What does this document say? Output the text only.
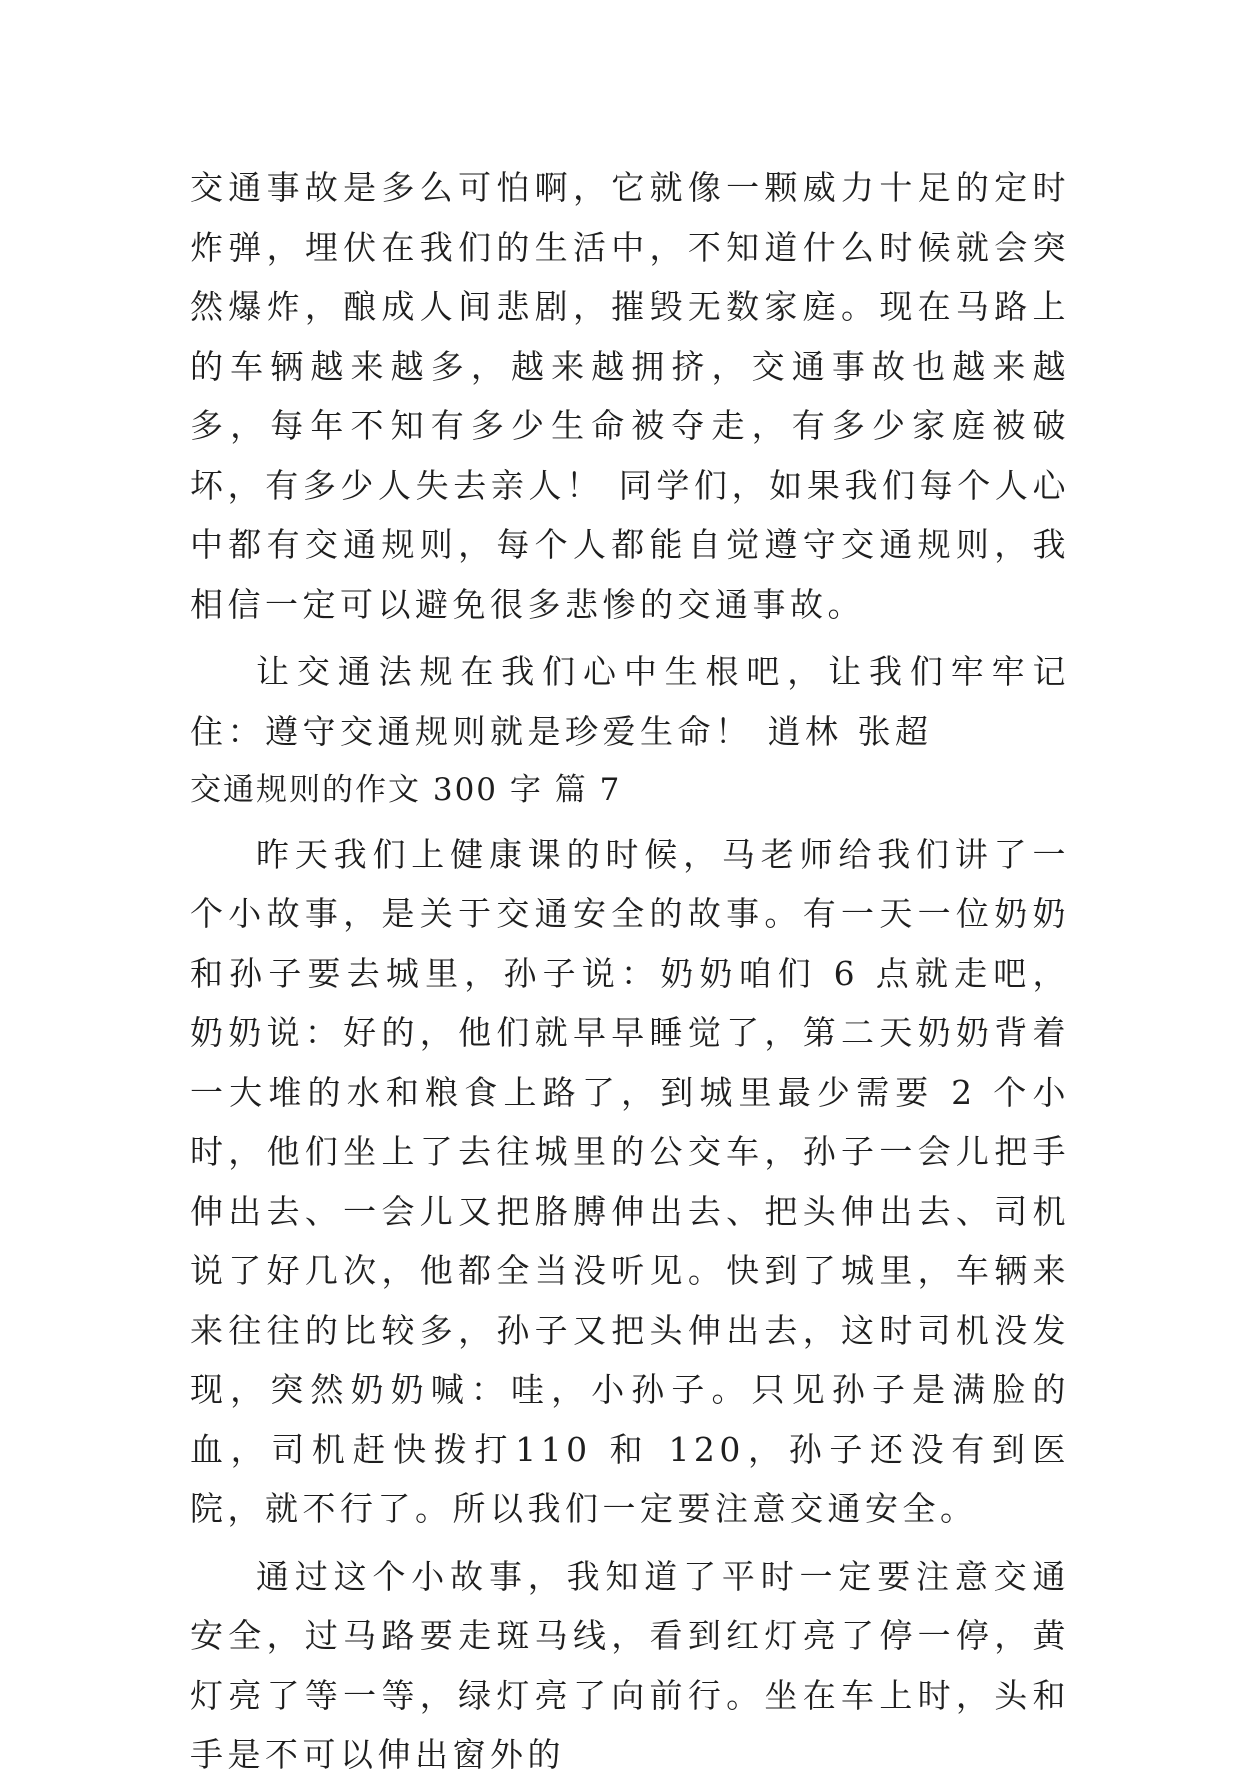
交通事故是多么可怕啊，它就像一颗威力十足的定时炸弹，埋伏在我们的生活中，不知道什么时候就会突然爆炸，酿成人间悲剧，摧毁无数家庭。现在马路上的车辆越来越多，越来越拥挤，交通事故也越来越多，每年不知有多少生命被夺走，有多少家庭被破坏，有多少人失去亲人！ 同学们，如果我们每个人心中都有交通规则，每个人都能自觉遵守交通规则，我相信一定可以避免很多悲惨的交通事故。

让交通法规在我们心中生根吧，让我们牢牢记住：遵守交通规则就是珍爱生命！ 逍林 张超

交通规则的作文 300 字 篇 7

昨天我们上健康课的时候，马老师给我们讲了一个小故事，是关于交通安全的故事。有一天一位奶奶和孙子要去城里，孙子说：奶奶咱们 6 点就走吧，奶奶说：好的，他们就早早睡觉了，第二天奶奶背着一大堆的水和粮食上路了，到城里最少需要 2 个小时，他们坐上了去往城里的公交车，孙子一会儿把手伸出去、一会儿又把胳膊伸出去、把头伸出去、司机说了好几次，他都全当没听见。快到了城里，车辆来来往往的比较多，孙子又把头伸出去，这时司机没发现，突然奶奶喊：哇，小孙子。只见孙子是满脸的血，司机赶快拨打110 和 120，孙子还没有到医院，就不行了。所以我们一定要注意交通安全。

通过这个小故事，我知道了平时一定要注意交通安全，过马路要走斑马线，看到红灯亮了停一停，黄灯亮了等一等，绿灯亮了向前行。坐在车上时，头和手是不可以伸出窗外的
